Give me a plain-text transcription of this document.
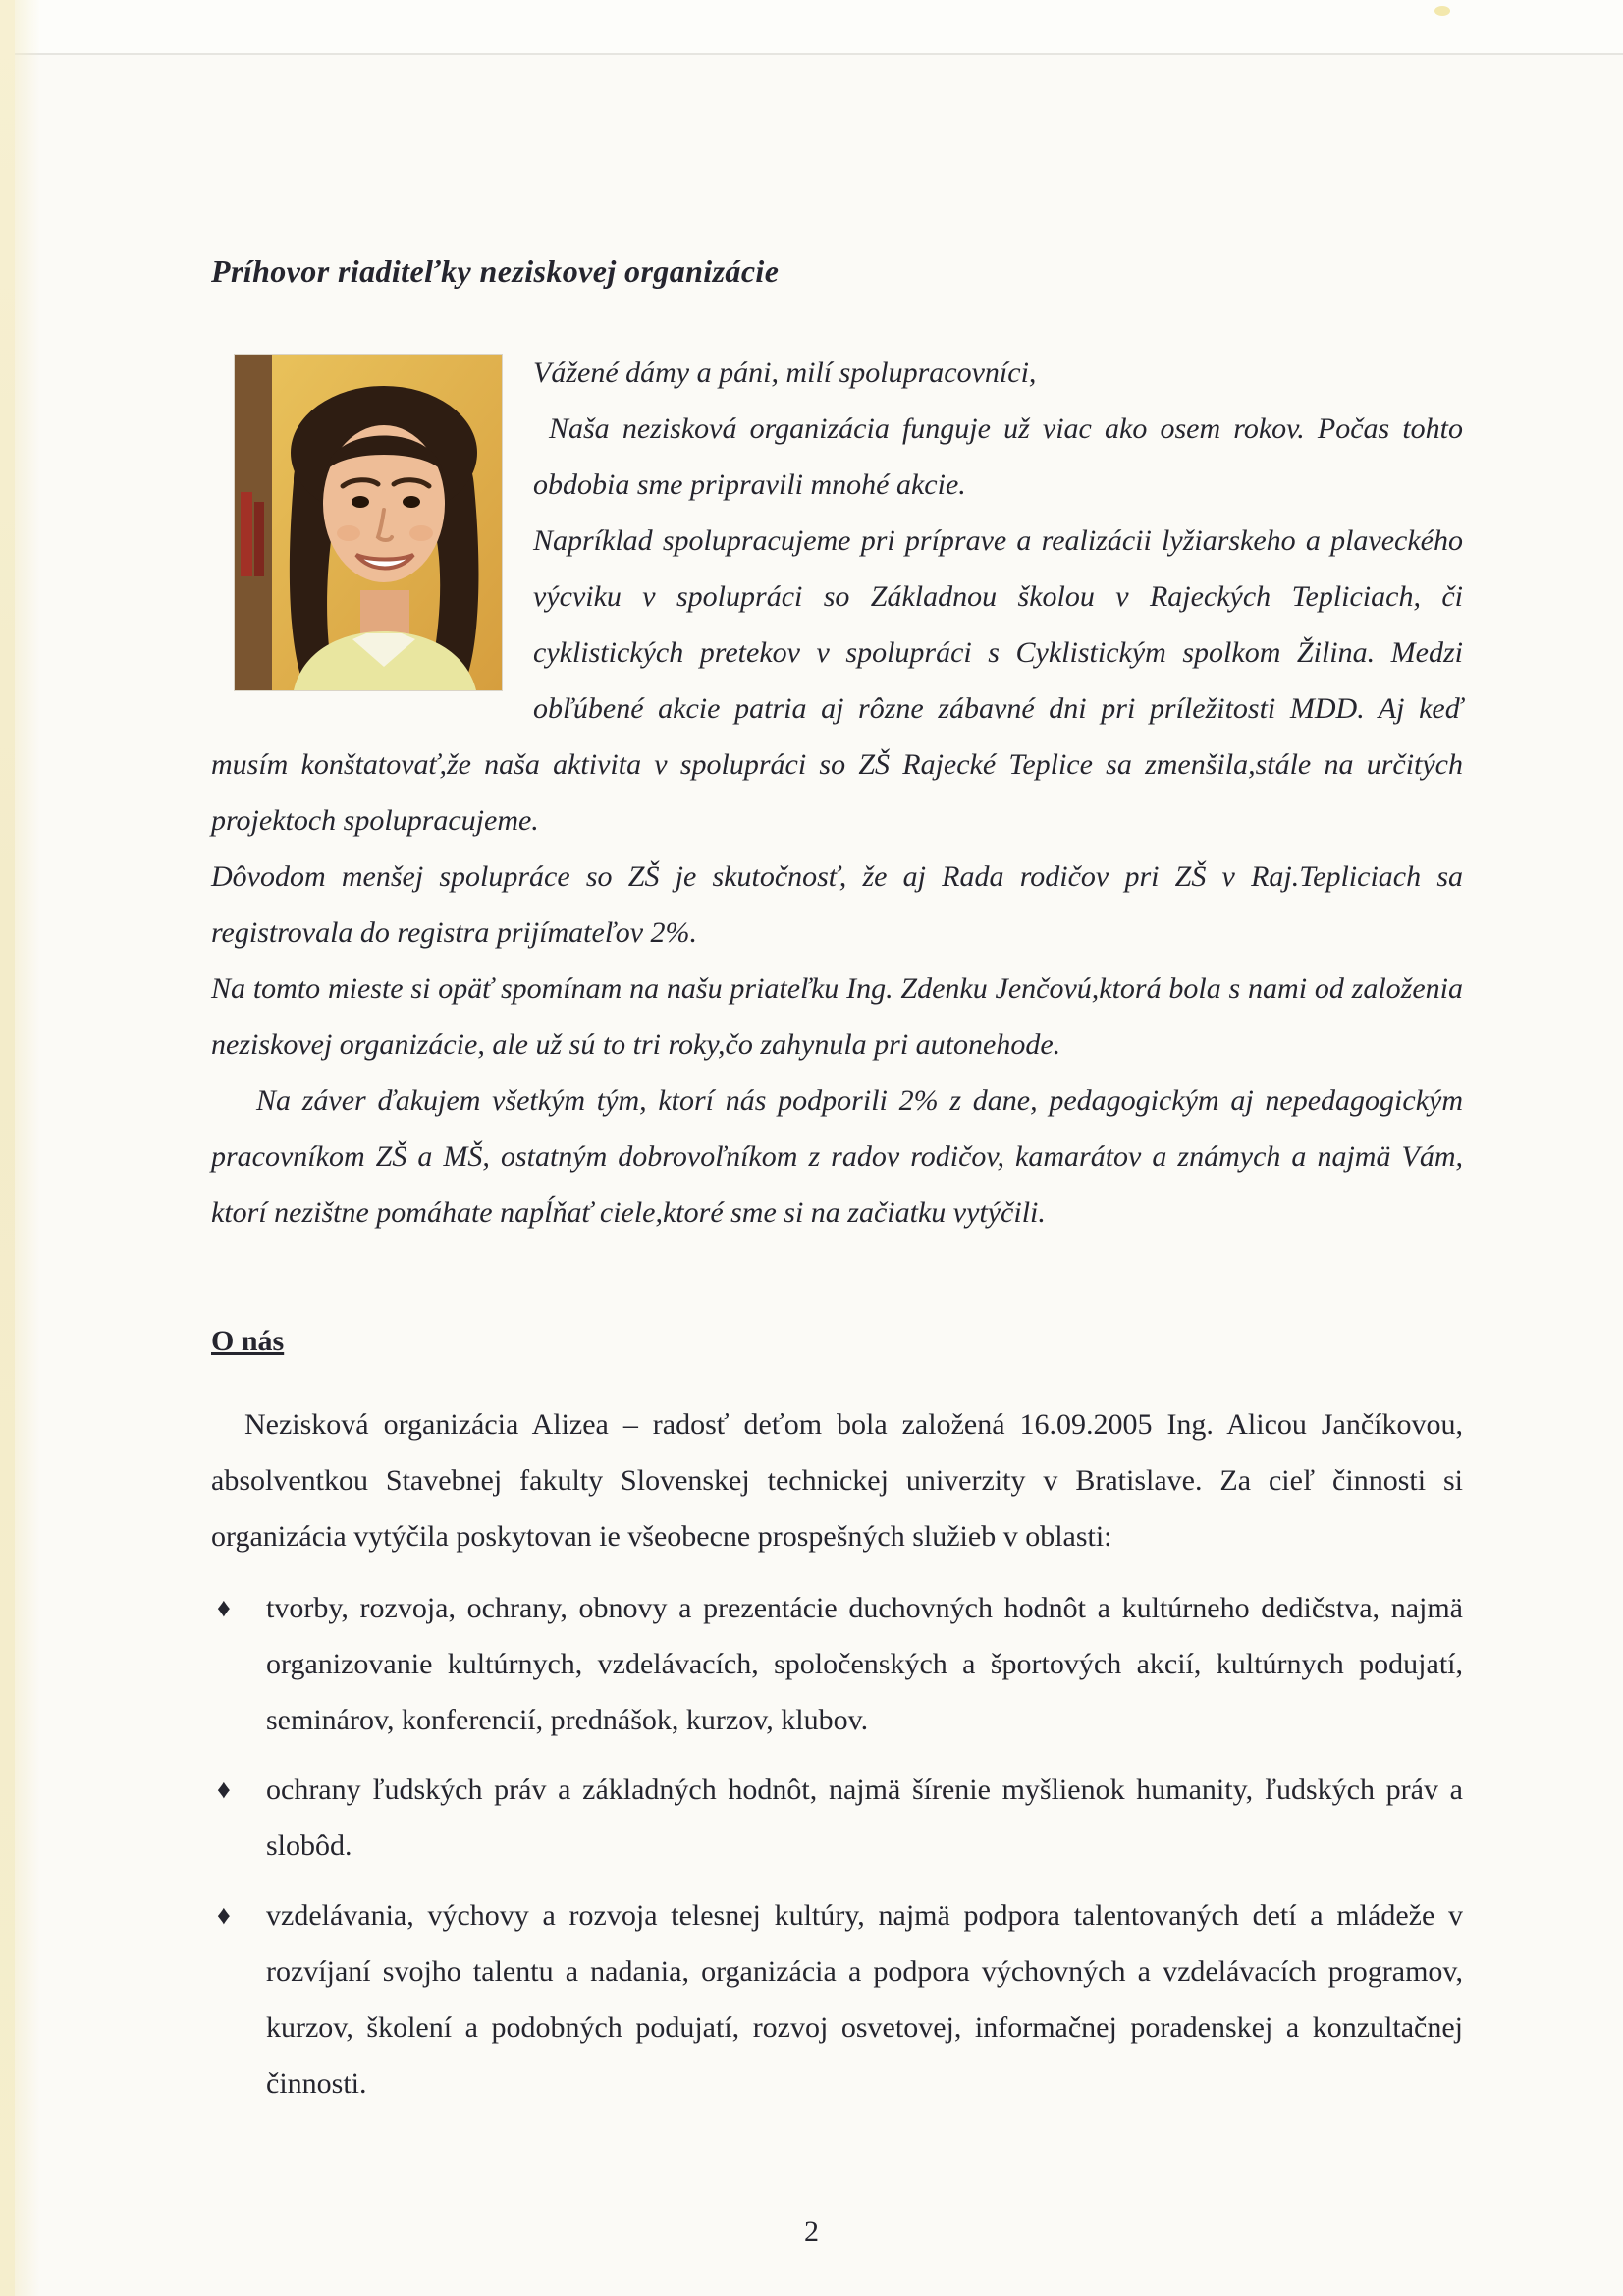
Príhovor riaditeľky neziskovej organizácie

Vážené dámy a páni, milí spolupracovníci,

Naša nezisková organizácia funguje už viac ako osem rokov. Počas tohto obdobia sme pripravili mnohé akcie.

Napríklad spolupracujeme pri príprave a realizácii lyžiarskeho a plaveckého výcviku v spolupráci so Základnou školou v Rajeckých Tepliciach, či cyklistických pretekov v spolupráci s Cyklistickým spolkom Žilina. Medzi obľúbené akcie patria aj rôzne zábavné dni pri príležitosti MDD. Aj keď musím konštatovať,že naša aktivita v spolupráci so ZŠ Rajecké Teplice sa zmenšila,stále na určitých projektoch spolupracujeme.

Dôvodom menšej spolupráce so ZŠ je skutočnosť, že aj Rada rodičov pri ZŠ v Raj.Tepliciach sa registrovala do registra prijímateľov 2%.

Na tomto mieste si opäť spomínam na našu priateľku Ing. Zdenku Jenčovú,ktorá bola s nami od založenia neziskovej organizácie, ale už sú to tri roky,čo zahynula pri autonehode.

Na záver ďakujem všetkým tým, ktorí nás podporili 2% z dane, pedagogickým aj nepedagogickým pracovníkom ZŠ a MŠ, ostatným dobrovoľníkom z radov rodičov, kamarátov a známych a najmä Vám, ktorí nezištne pomáhate napĺňať ciele,ktoré sme si na začiatku vytýčili.

O nás

Nezisková organizácia Alizea – radosť deťom bola založená 16.09.2005 Ing. Alicou Jančíkovou, absolventkou Stavebnej fakulty Slovenskej technickej univerzity v Bratislave. Za cieľ činnosti si organizácia vytýčila poskytovan ie všeobecne prospešných služieb v oblasti:

♦ tvorby, rozvoja, ochrany, obnovy a prezentácie duchovných hodnôt a kultúrneho dedičstva, najmä organizovanie kultúrnych, vzdelávacích, spoločenských a športových akcií, kultúrnych podujatí, seminárov, konferencií, prednášok, kurzov, klubov.
♦ ochrany ľudských práv a základných hodnôt, najmä šírenie myšlienok humanity, ľudských práv a slobôd.
♦ vzdelávania, výchovy a rozvoja telesnej kultúry, najmä podpora talentovaných detí a mládeže v rozvíjaní svojho talentu a nadania, organizácia a podpora výchovných a vzdelávacích programov, kurzov, školení a podobných podujatí, rozvoj osvetovej, informačnej poradenskej a konzultačnej činnosti.
2
